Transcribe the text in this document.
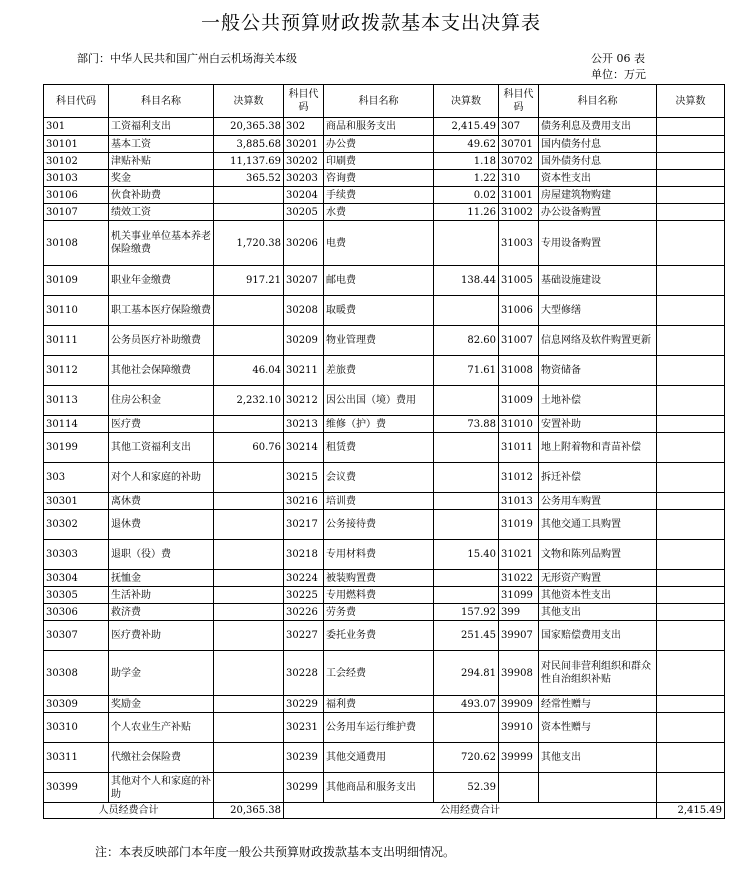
一般公共预算财政拨款基本支出决算表
部门：中华人民共和国广州白云机场海关本级	公开 06 表
单位：万元
科目代码	科目名称	决算数	科目代码	科目名称	决算数	科目代码	科目名称	决算数
301	工资福利支出	20,365.38	302	商品和服务支出	2,415.49	307	债务利息及费用支出	
30101	基本工资	3,885.68	30201	办公费	49.62	30701	国内债务付息	
30102	津贴补贴	11,137.69	30202	印刷费	1.18	30702	国外债务付息	
30103	奖金	365.52	30203	咨询费	1.22	310	资本性支出	
30106	伙食补助费		30204	手续费	0.02	31001	房屋建筑物购建	
30107	绩效工资		30205	水费	11.26	31002	办公设备购置	
30108	机关事业单位基本养老保险缴费	1,720.38	30206	电费		31003	专用设备购置	
30109	职业年金缴费	917.21	30207	邮电费	138.44	31005	基础设施建设	
30110	职工基本医疗保险缴费		30208	取暖费		31006	大型修缮	
30111	公务员医疗补助缴费		30209	物业管理费	82.60	31007	信息网络及软件购置更新	
30112	其他社会保障缴费	46.04	30211	差旅费	71.61	31008	物资储备	
30113	住房公积金	2,232.10	30212	因公出国（境）费用		31009	土地补偿	
30114	医疗费		30213	维修（护）费	73.88	31010	安置补助	
30199	其他工资福利支出	60.76	30214	租赁费		31011	地上附着物和青苗补偿	
303	对个人和家庭的补助		30215	会议费		31012	拆迁补偿	
30301	离休费		30216	培训费		31013	公务用车购置	
30302	退休费		30217	公务接待费		31019	其他交通工具购置	
30303	退职（役）费		30218	专用材料费	15.40	31021	文物和陈列品购置	
30304	抚恤金		30224	被装购置费		31022	无形资产购置	
30305	生活补助		30225	专用燃料费		31099	其他资本性支出	
30306	救济费		30226	劳务费	157.92	399	其他支出	
30307	医疗费补助		30227	委托业务费	251.45	39907	国家赔偿费用支出	
30308	助学金		30228	工会经费	294.81	39908	对民间非营利组织和群众性自治组织补贴	
30309	奖励金		30229	福利费	493.07	39909	经常性赠与	
30310	个人农业生产补贴		30231	公务用车运行维护费		39910	资本性赠与	
30311	代缴社会保险费		30239	其他交通费用	720.62	39999	其他支出	
30399	其他对个人和家庭的补助		30299	其他商品和服务支出	52.39			
人员经费合计		20,365.38	公用经费合计					2,415.49
注：本表反映部门本年度一般公共预算财政拨款基本支出明细情况。
